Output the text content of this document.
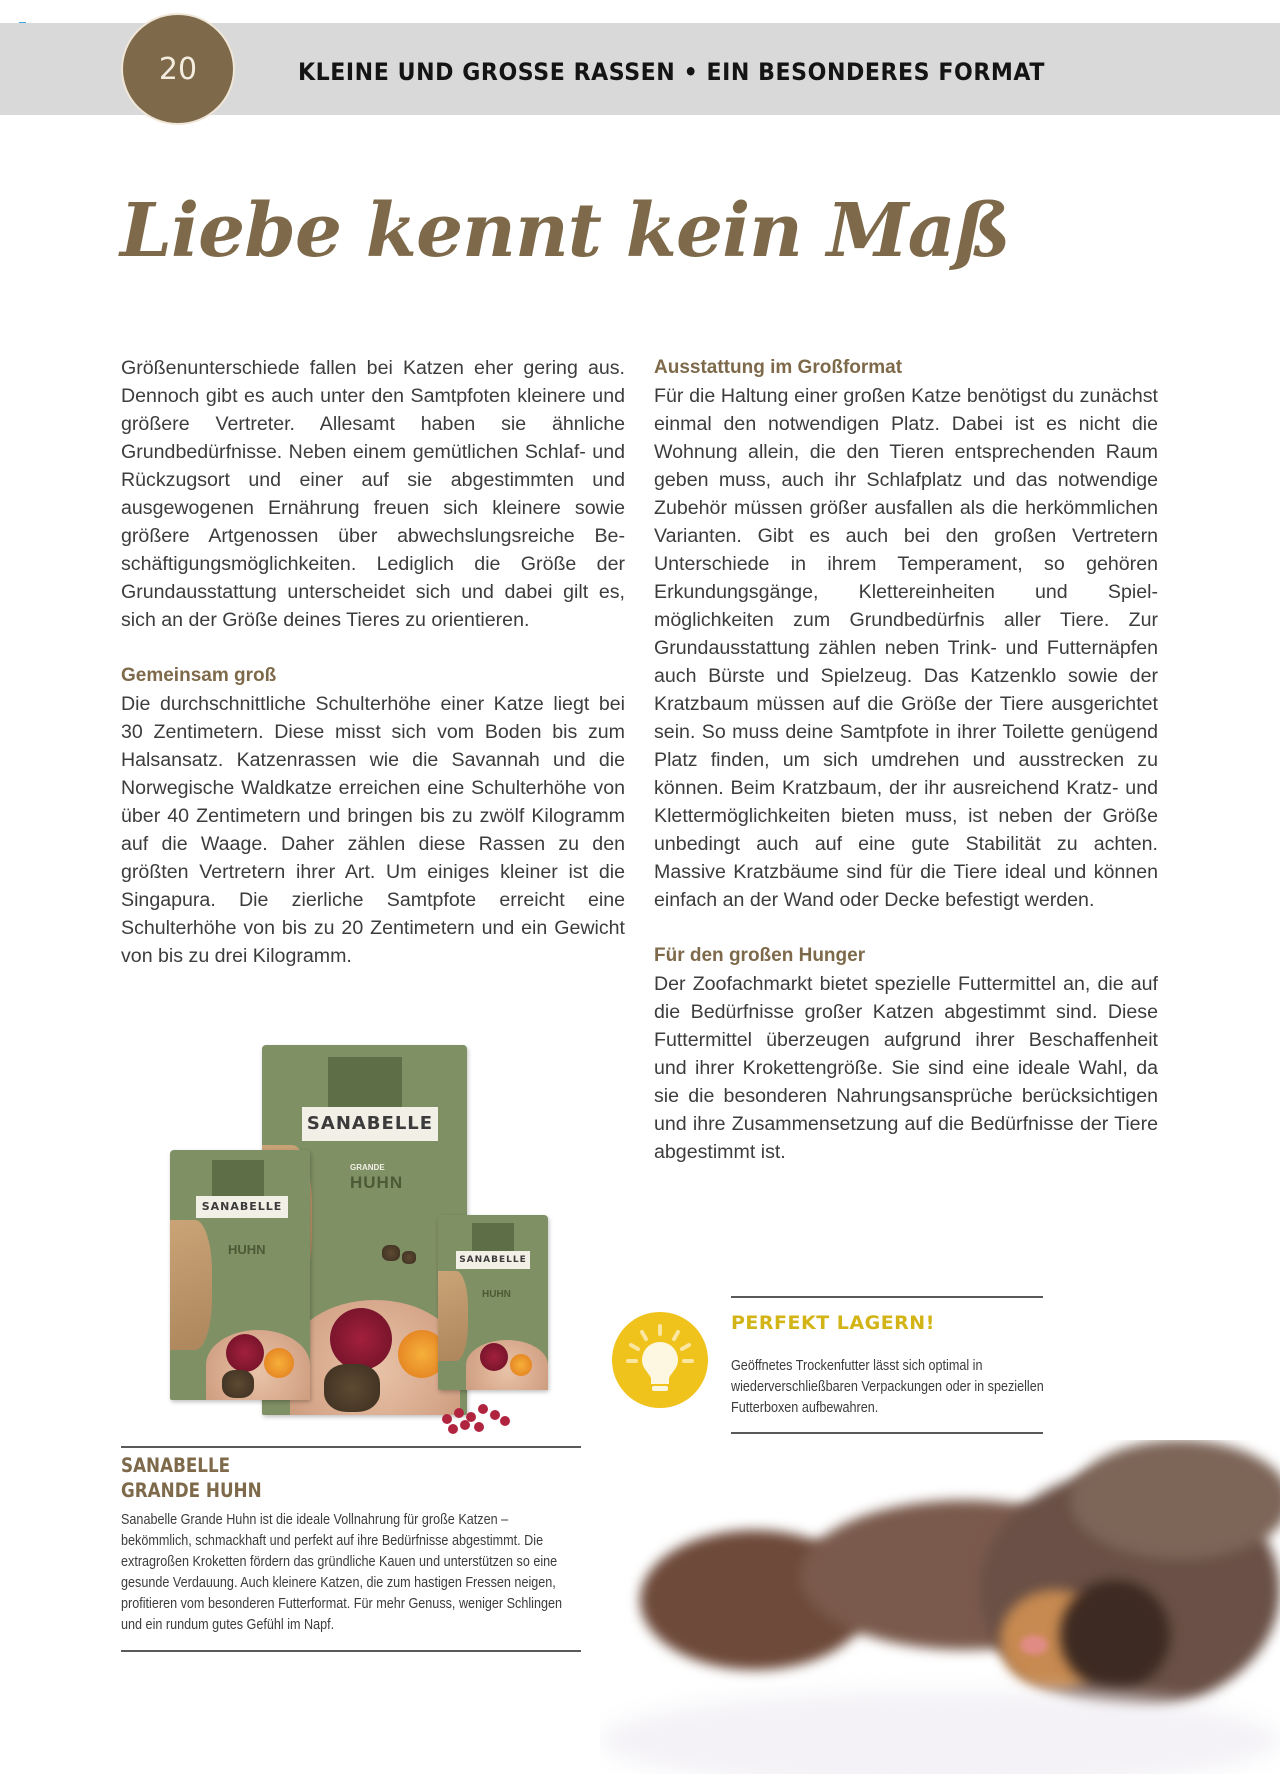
20	KLEINE UND GROSSE RASSEN • EIN BESONDERES FORMAT
Liebe kennt kein Maß

Größenunterschiede fallen bei Katzen eher gering aus. Dennoch gibt es auch unter den Samtpfoten kleinere und größere Vertreter. Allesamt haben sie ähnliche Grundbedürfnisse. Neben einem gemütlichen Schlaf- und Rückzugsort und einer auf sie abgestimmten und ausgewogenen Ernährung freuen sich kleinere sowie größere Artgenossen über abwechslungsreiche Beschäftigungsmöglichkeiten. Lediglich die Größe der Grundausstattung unterscheidet sich und dabei gilt es, sich an der Größe deines Tieres zu orientieren.

Gemeinsam groß

Die durchschnittliche Schulterhöhe einer Katze liegt bei 30 Zentimetern. Diese misst sich vom Boden bis zum Halsansatz. Katzenrassen wie die Savannah und die Norwegische Waldkatze erreichen eine Schulterhöhe von über 40 Zentimetern und bringen bis zu zwölf Kilogramm auf die Waage. Daher zählen diese Rassen zu den größten Vertretern ihrer Art. Um einiges kleiner ist die Singapura. Die zierliche Samtpfote erreicht eine Schulterhöhe von bis zu 20 Zentimetern und ein Gewicht von bis zu drei Kilogramm.

Ausstattung im Großformat

Für die Haltung einer großen Katze benötigst du zunächst einmal den notwendigen Platz. Dabei ist es nicht die Wohnung allein, die den Tieren entsprechenden Raum geben muss, auch ihr Schlafplatz und das notwendige Zubehör müssen größer ausfallen als die herkömmlichen Varianten. Gibt es auch bei den großen Vertretern Unterschiede in ihrem Temperament, so gehören Erkundungsgänge, Klettereinheiten und Spielmöglichkeiten zum Grundbedürfnis aller Tiere. Zur Grundausstattung zählen neben Trink- und Futternäpfen auch Bürste und Spielzeug. Das Katzenklo sowie der Kratzbaum müssen auf die Größe der Tiere ausgerichtet sein. So muss deine Samtpfote in ihrer Toilette genügend Platz finden, um sich umdrehen und ausstrecken zu können. Beim Kratzbaum, der ihr ausreichend Kratz- und Klettermöglichkeiten bieten muss, ist neben der Größe unbedingt auch auf eine gute Stabilität zu achten. Massive Kratzbäume sind für die Tiere ideal und können einfach an der Wand oder Decke befestigt werden.

Für den großen Hunger

Der Zoofachmarkt bietet spezielle Futtermittel an, die auf die Bedürfnisse großer Katzen abgestimmt sind. Diese Futtermittel überzeugen aufgrund ihrer Beschaffenheit und ihrer Krokettengröße. Sie sind eine ideale Wahl, da sie die besonderen Nahrungsansprüche berücksichtigen und ihre Zusammensetzung auf die Bedürfnisse der Tiere abgestimmt ist.

SANABELLE
GRANDE
HUHN
SANABELLE
HUHN
SANABELLE
HUHN
SANABELLE
GRANDE HUHN

Sanabelle Grande Huhn ist die ideale Vollnahrung für große Katzen – bekömmlich, schmackhaft und perfekt auf ihre Bedürfnisse abgestimmt. Die extragroßen Kroketten fördern das gründliche Kauen und unterstützen so eine gesunde Verdauung. Auch kleinere Katzen, die zum hastigen Fressen neigen, profitieren vom besonderen Futterformat. Für mehr Genuss, weniger Schlingen und ein rundum gutes Gefühl im Napf.

PERFEKT LAGERN!
Geöffnetes Trockenfutter lässt sich optimal in wiederverschließbaren Verpackungen oder in speziellen Futterboxen aufbewahren.
